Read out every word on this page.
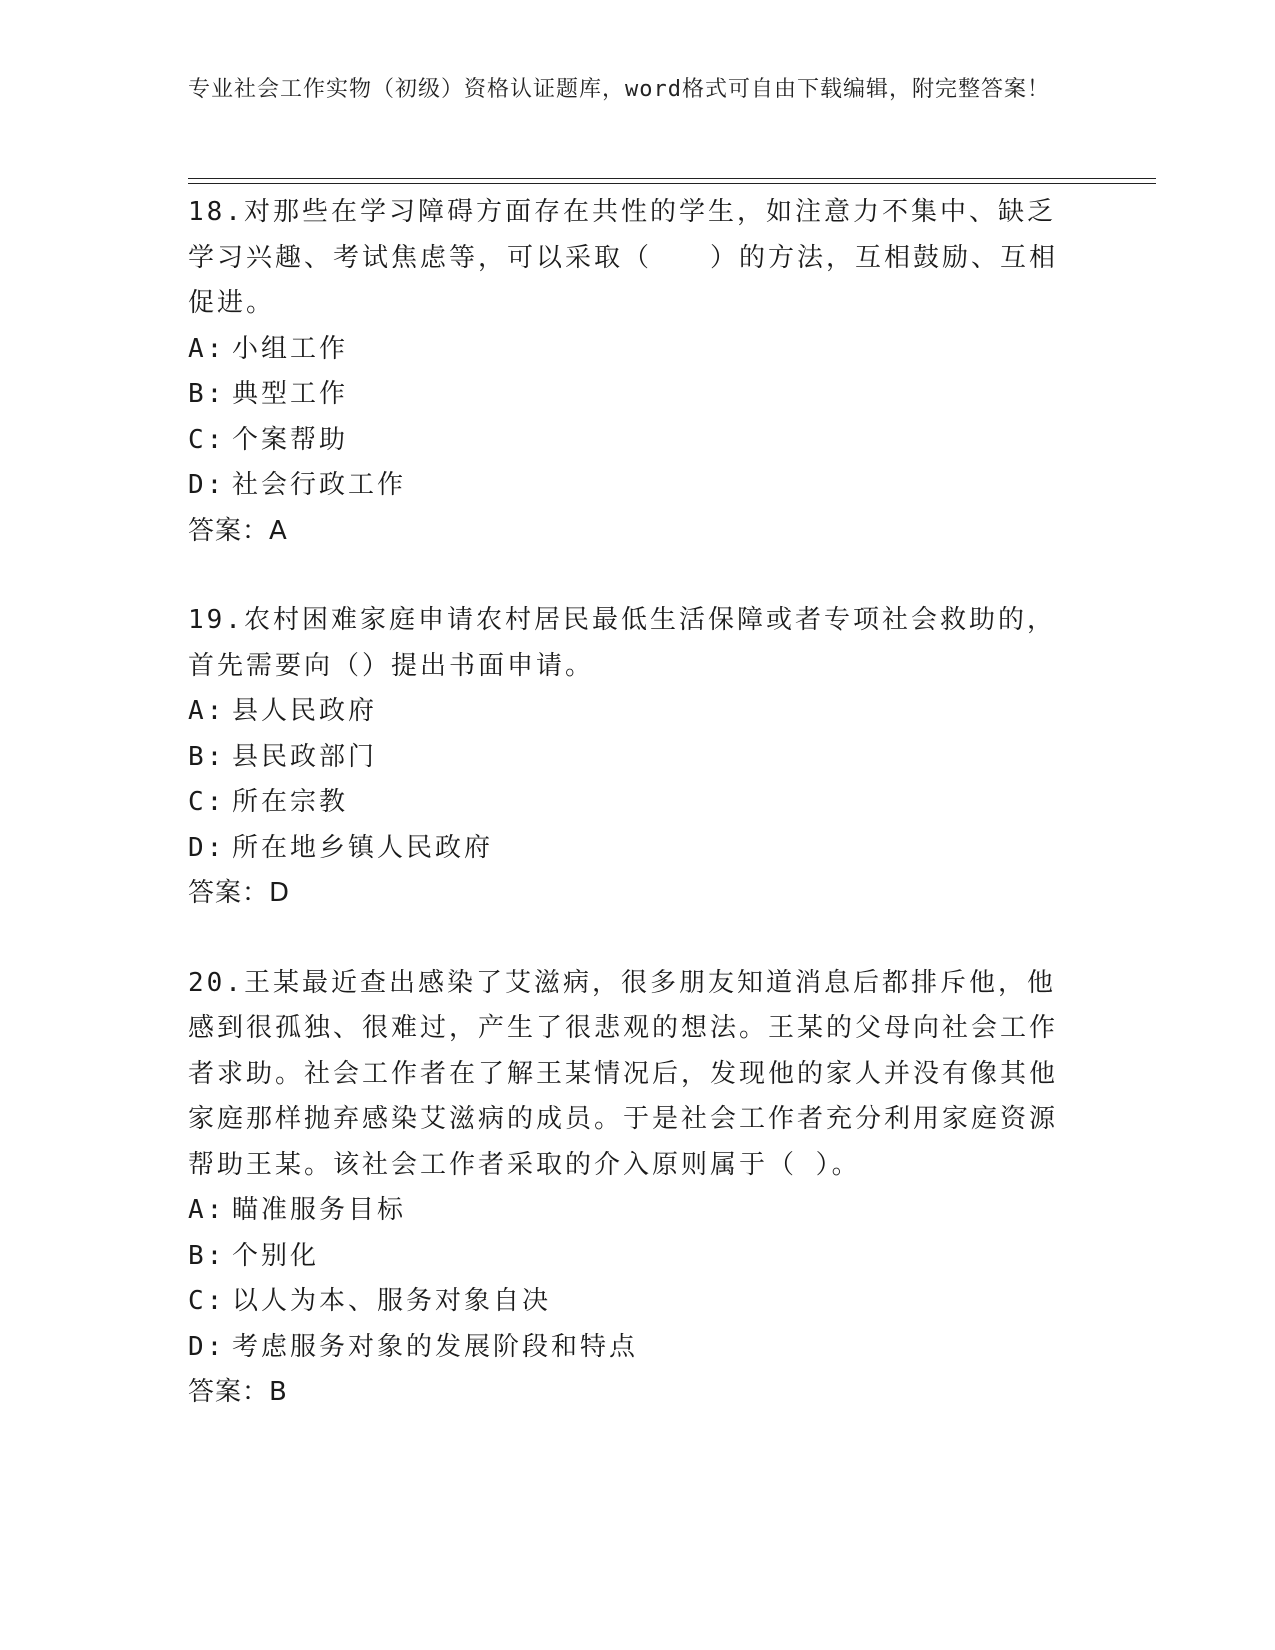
专业社会工作实物（初级）资格认证题库，word格式可自由下载编辑，附完整答案！

18.对那些在学习障碍方面存在共性的学生，如注意力不集中、缺乏学习兴趣、考试焦虑等，可以采取（　　）的方法，互相鼓励、互相促进。

A: 小组工作

B: 典型工作

C: 个案帮助

D: 社会行政工作

答案：A

19.农村困难家庭申请农村居民最低生活保障或者专项社会救助的，首先需要向（）提出书面申请。

A: 县人民政府

B: 县民政部门

C: 所在宗教

D: 所在地乡镇人民政府

答案：D

20.王某最近查出感染了艾滋病，很多朋友知道消息后都排斥他，他感到很孤独、很难过，产生了很悲观的想法。王某的父母向社会工作者求助。社会工作者在了解王某情况后，发现他的家人并没有像其他家庭那样抛弃感染艾滋病的成员。于是社会工作者充分利用家庭资源帮助王某。该社会工作者采取的介入原则属于（ ）。

A: 瞄准服务目标

B: 个别化

C: 以人为本、服务对象自决

D: 考虑服务对象的发展阶段和特点

答案：B
